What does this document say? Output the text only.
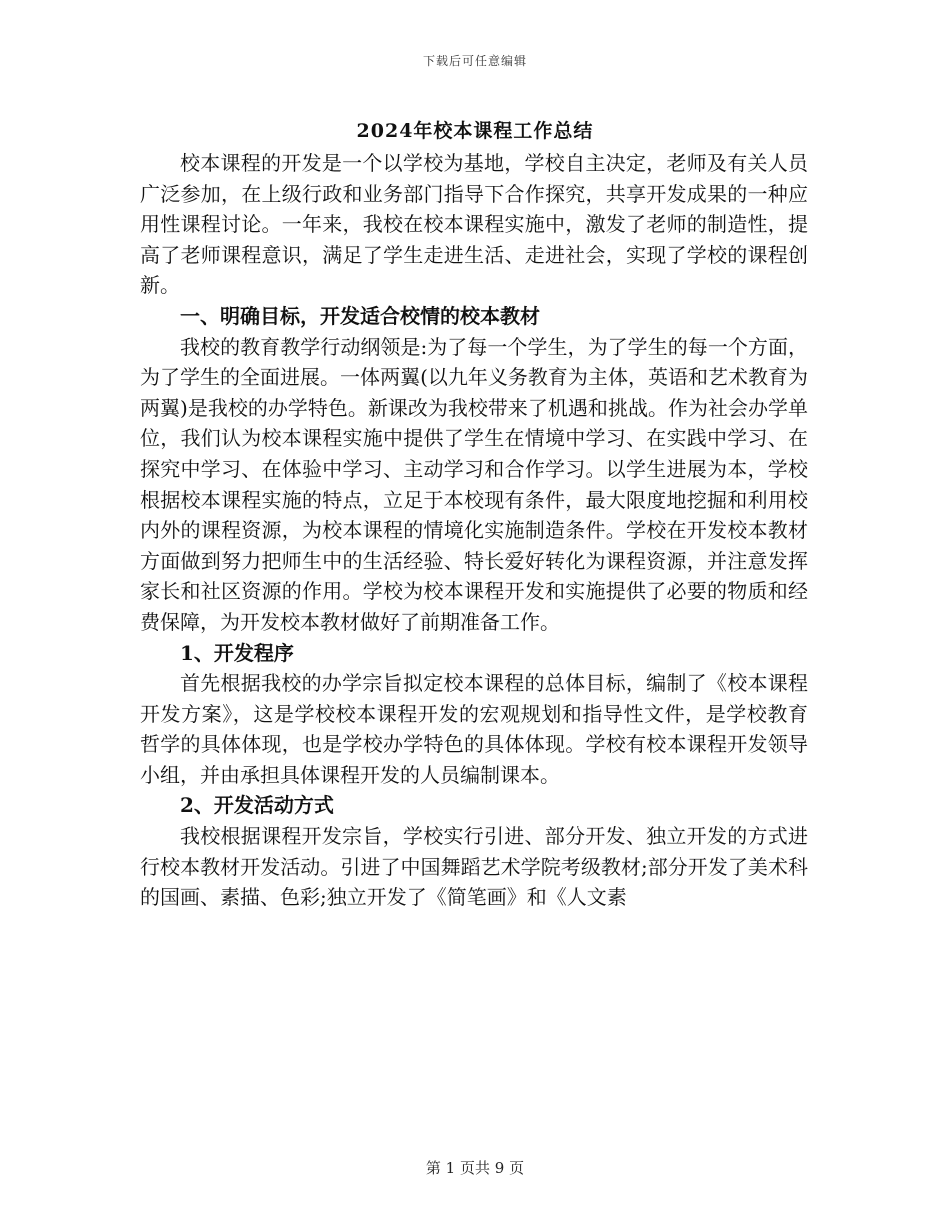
下载后可任意编辑
2024年校本课程工作总结

校本课程的开发是一个以学校为基地，学校自主决定，老师及有关人员广泛参加，在上级行政和业务部门指导下合作探究，共享开发成果的一种应用性课程讨论。一年来，我校在校本课程实施中，激发了老师的制造性，提高了老师课程意识，满足了学生走进生活、走进社会，实现了学校的课程创新。

一、明确目标，开发适合校情的校本教材

我校的教育教学行动纲领是:为了每一个学生，为了学生的每一个方面，为了学生的全面进展。一体两翼(以九年义务教育为主体，英语和艺术教育为两翼)是我校的办学特色。新课改为我校带来了机遇和挑战。作为社会办学单位，我们认为校本课程实施中提供了学生在情境中学习、在实践中学习、在探究中学习、在体验中学习、主动学习和合作学习。以学生进展为本，学校根据校本课程实施的特点，立足于本校现有条件，最大限度地挖掘和利用校内外的课程资源，为校本课程的情境化实施制造条件。学校在开发校本教材方面做到努力把师生中的生活经验、特长爱好转化为课程资源，并注意发挥家长和社区资源的作用。学校为校本课程开发和实施提供了必要的物质和经费保障，为开发校本教材做好了前期准备工作。

1、开发程序

首先根据我校的办学宗旨拟定校本课程的总体目标，编制了《校本课程开发方案》，这是学校校本课程开发的宏观规划和指导性文件，是学校教育哲学的具体体现，也是学校办学特色的具体体现。学校有校本课程开发领导小组，并由承担具体课程开发的人员编制课本。

2、开发活动方式

我校根据课程开发宗旨，学校实行引进、部分开发、独立开发的方式进行校本教材开发活动。引进了中国舞蹈艺术学院考级教材;部分开发了美术科的国画、素描、色彩;独立开发了《简笔画》和《人文素

第 1 页共 9 页
